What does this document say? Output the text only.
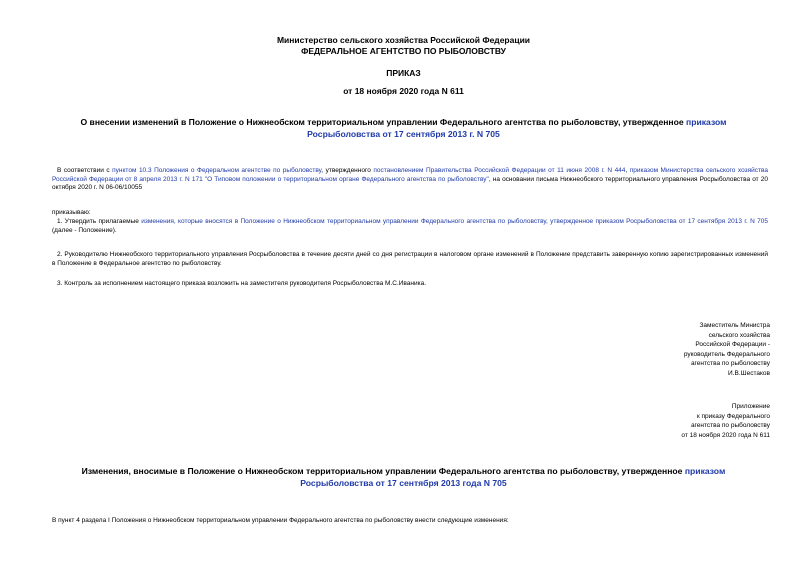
Министерство сельского хозяйства Российской Федерации
ФЕДЕРАЛЬНОЕ АГЕНТСТВО ПО РЫБОЛОВСТВУ
ПРИКАЗ
от 18 ноября 2020 года N 611
О внесении изменений в Положение о Нижнеобском территориальном управлении Федерального агентства по рыболовству, утвержденное приказом
Росрыболовства от 17 сентября 2013 г. N 705
В соответствии с пунктом 10.3 Положения о Федеральном агентстве по рыболовству, утвержденного постановлением Правительства Российской Федерации от 11 июня 2008 г. N 444, приказом Министерства сельского хозяйства Российской Федерации от 8 апреля 2013 г. N 171 "О Типовом положении о территориальном органе Федерального агентства по рыболовству", на основании письма Нижнеобского территориального управления Росрыболовства от 20 октября 2020 г. N 06-06/10055
приказываю:
1. Утвердить прилагаемые изменения, которые вносятся в Положение о Нижнеобском территориальном управлении Федерального агентства по рыболовству, утвержденное приказом Росрыболовства от 17 сентября 2013 г. N 705 (далее - Положение).
2. Руководителю Нижнеобского территориального управления Росрыболовства в течение десяти дней со дня регистрации в налоговом органе изменений в Положение представить заверенную копию зарегистрированных изменений в Положение в Федеральное агентство по рыболовству.
3. Контроль за исполнением настоящего приказа возложить на заместителя руководителя Росрыболовства М.С.Иваника.
Заместитель Министра
сельского хозяйства
Российской Федерации -
руководитель Федерального
агентства по рыболовству
И.В.Шестаков
Приложение
к приказу Федерального
агентства по рыболовству
от 18 ноября 2020 года N 611
Изменения, вносимые в Положение о Нижнеобском территориальном управлении Федерального агентства по рыболовству, утвержденное приказом
Росрыболовства от 17 сентября 2013 года N 705
В пункт 4 раздела I Положения о Нижнеобском территориальном управлении Федерального агентства по рыболовству внести следующие изменения:
